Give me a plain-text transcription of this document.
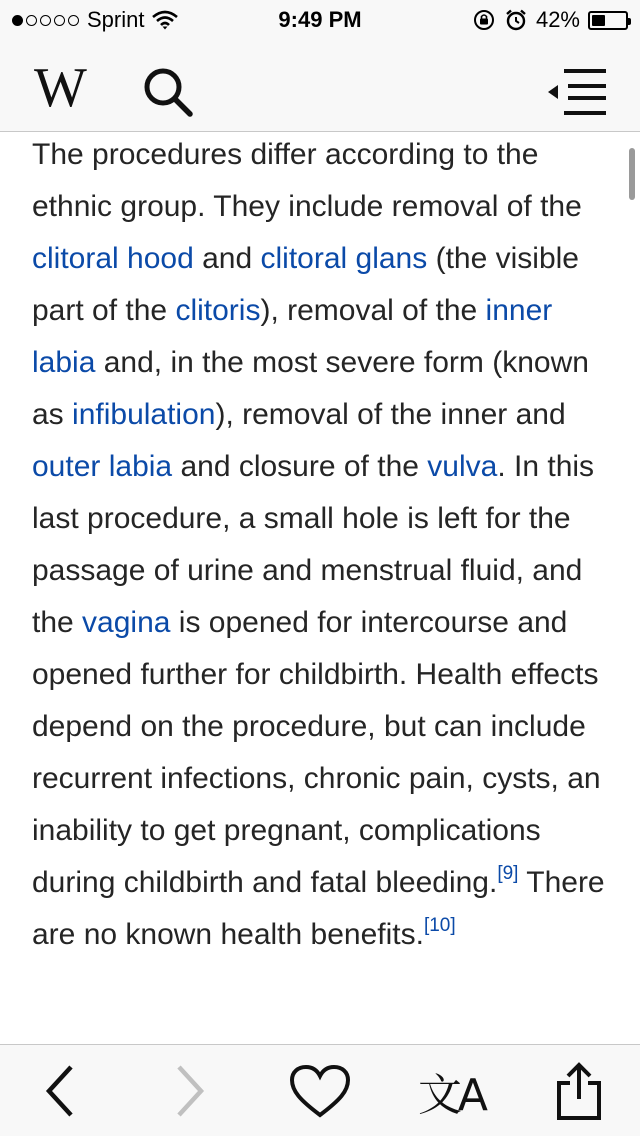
Sprint	9:49 PM	42%
W
The procedures differ according to the ethnic group. They include removal of the clitoral hood and clitoral glans (the visible part of the clitoris), removal of the inner labia and, in the most severe form (known as infibulation), removal of the inner and outer labia and closure of the vulva. In this last procedure, a small hole is left for the passage of urine and menstrual fluid, and the vagina is opened for intercourse and opened further for childbirth. Health effects depend on the procedure, but can include recurrent infections, chronic pain, cysts, an inability to get pregnant, complications during childbirth and fatal bleeding.[9] There are no known health benefits.[10]
文A
